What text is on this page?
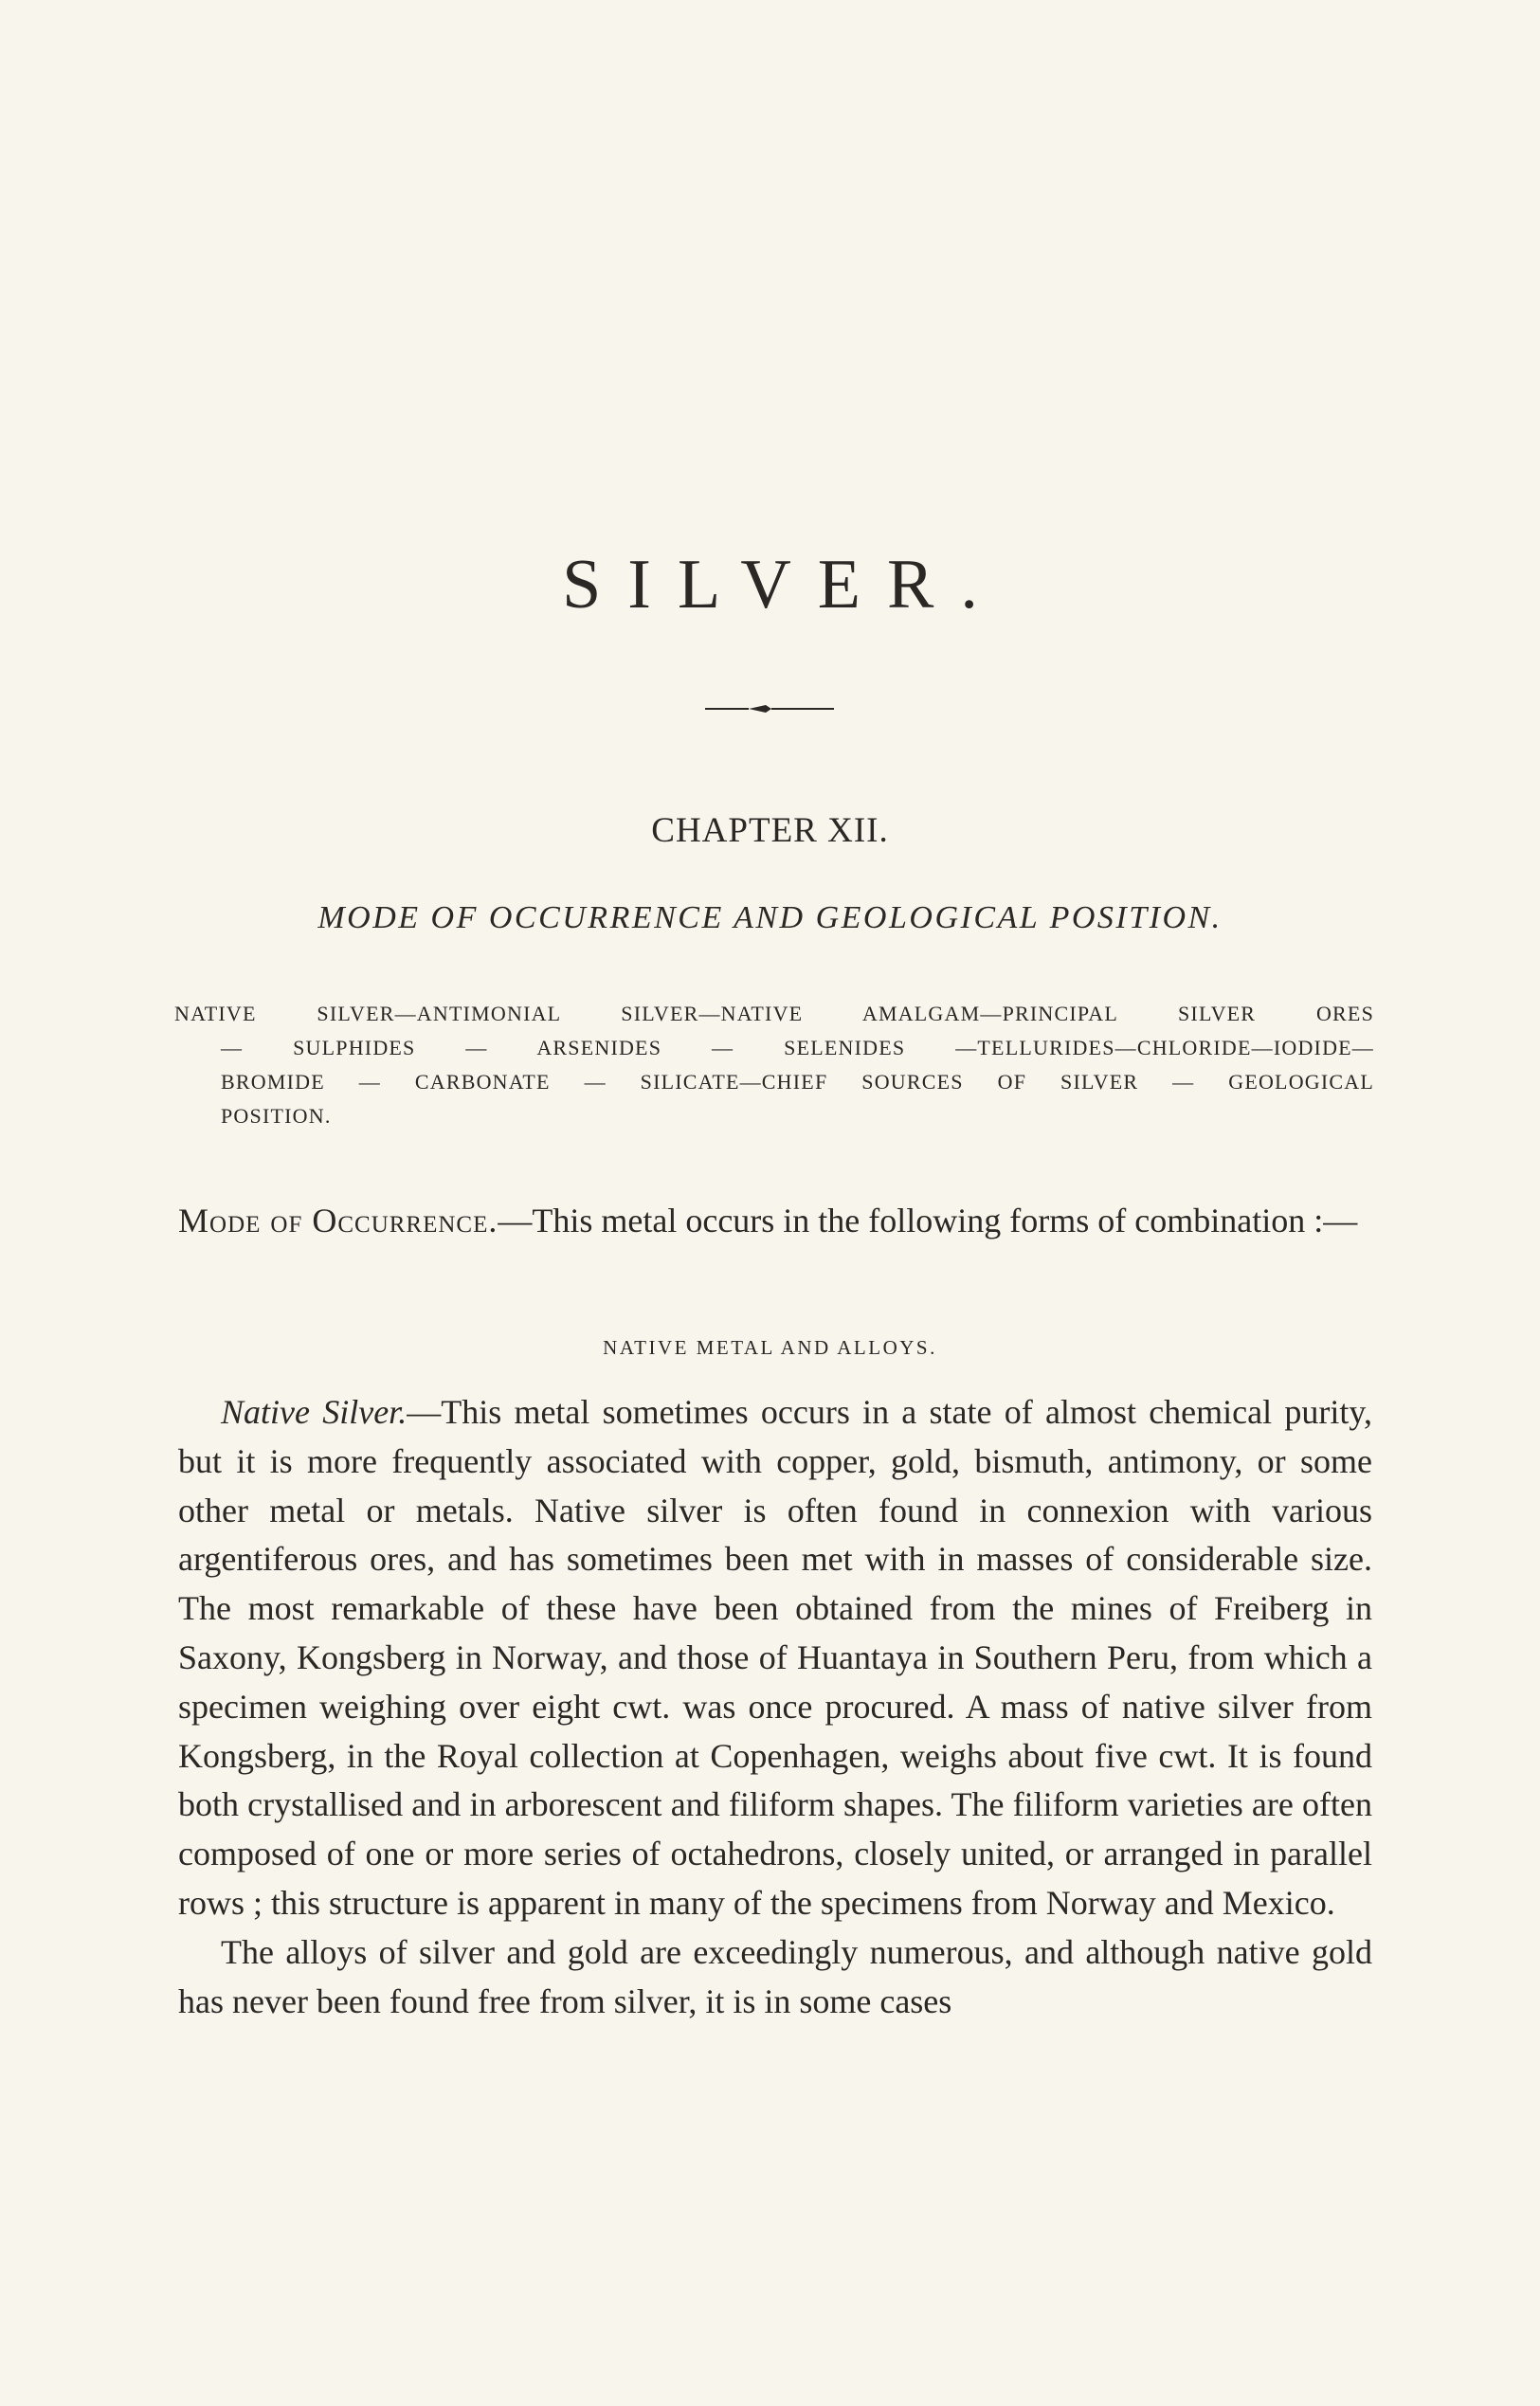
SILVER.
CHAPTER XII.
MODE OF OCCURRENCE AND GEOLOGICAL POSITION.
NATIVE SILVER—ANTIMONIAL SILVER—NATIVE AMALGAM—PRINCIPAL SILVER ORES
— SULPHIDES — ARSENIDES — SELENIDES —TELLURIDES—CHLORIDE—IODIDE—
BROMIDE — CARBONATE — SILICATE—CHIEF SOURCES OF SILVER — GEOLOGICAL
POSITION.

Mode of Occurrence.—This metal occurs in the following forms of combination :—

NATIVE METAL AND ALLOYS.

Native Silver.—This metal sometimes occurs in a state of almost chemical purity, but it is more frequently associated with copper, gold, bismuth, antimony, or some other metal or metals. Native silver is often found in connexion with various argentiferous ores, and has sometimes been met with in masses of considerable size. The most remarkable of these have been obtained from the mines of Freiberg in Saxony, Kongsberg in Norway, and those of Huantaya in Southern Peru, from which a specimen weighing over eight cwt. was once procured. A mass of native silver from Kongsberg, in the Royal collection at Copenhagen, weighs about five cwt. It is found both crystallised and in arborescent and filiform shapes. The filiform varieties are often composed of one or more series of octahedrons, closely united, or arranged in parallel rows ; this structure is apparent in many of the specimens from Norway and Mexico.

The alloys of silver and gold are exceedingly numerous, and although native gold has never been found free from silver, it is in some cases
